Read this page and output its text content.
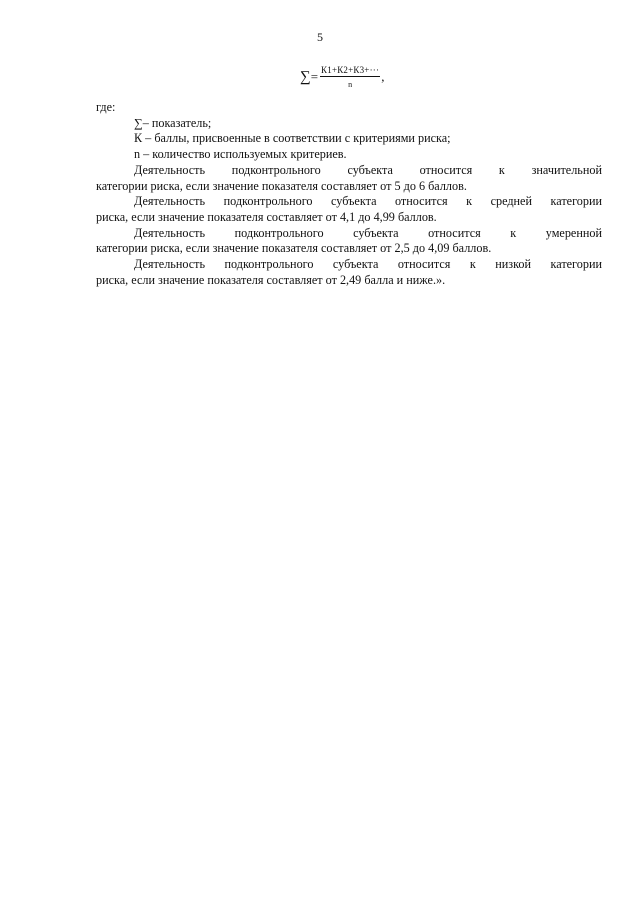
5
∑ = $\frac{К1+К2+К3+\cdot\cdot\cdot}{n}$ ,
где:
∑– показатель;
К – баллы, присвоенные в соответствии с критериями риска;
n – количество используемых критериев.
Деятельность подконтрольного субъекта относится к значительной
категории риска, если значение показателя составляет от 5 до 6 баллов.
Деятельность подконтрольного субъекта относится к средней категории
риска, если значение показателя составляет от 4,1 до 4,99 баллов.
Деятельность подконтрольного субъекта относится к умеренной
категории риска, если значение показателя составляет от 2,5 до 4,09 баллов.
Деятельность подконтрольного субъекта относится к низкой категории
риска, если значение показателя составляет от 2,49 балла и ниже.».
